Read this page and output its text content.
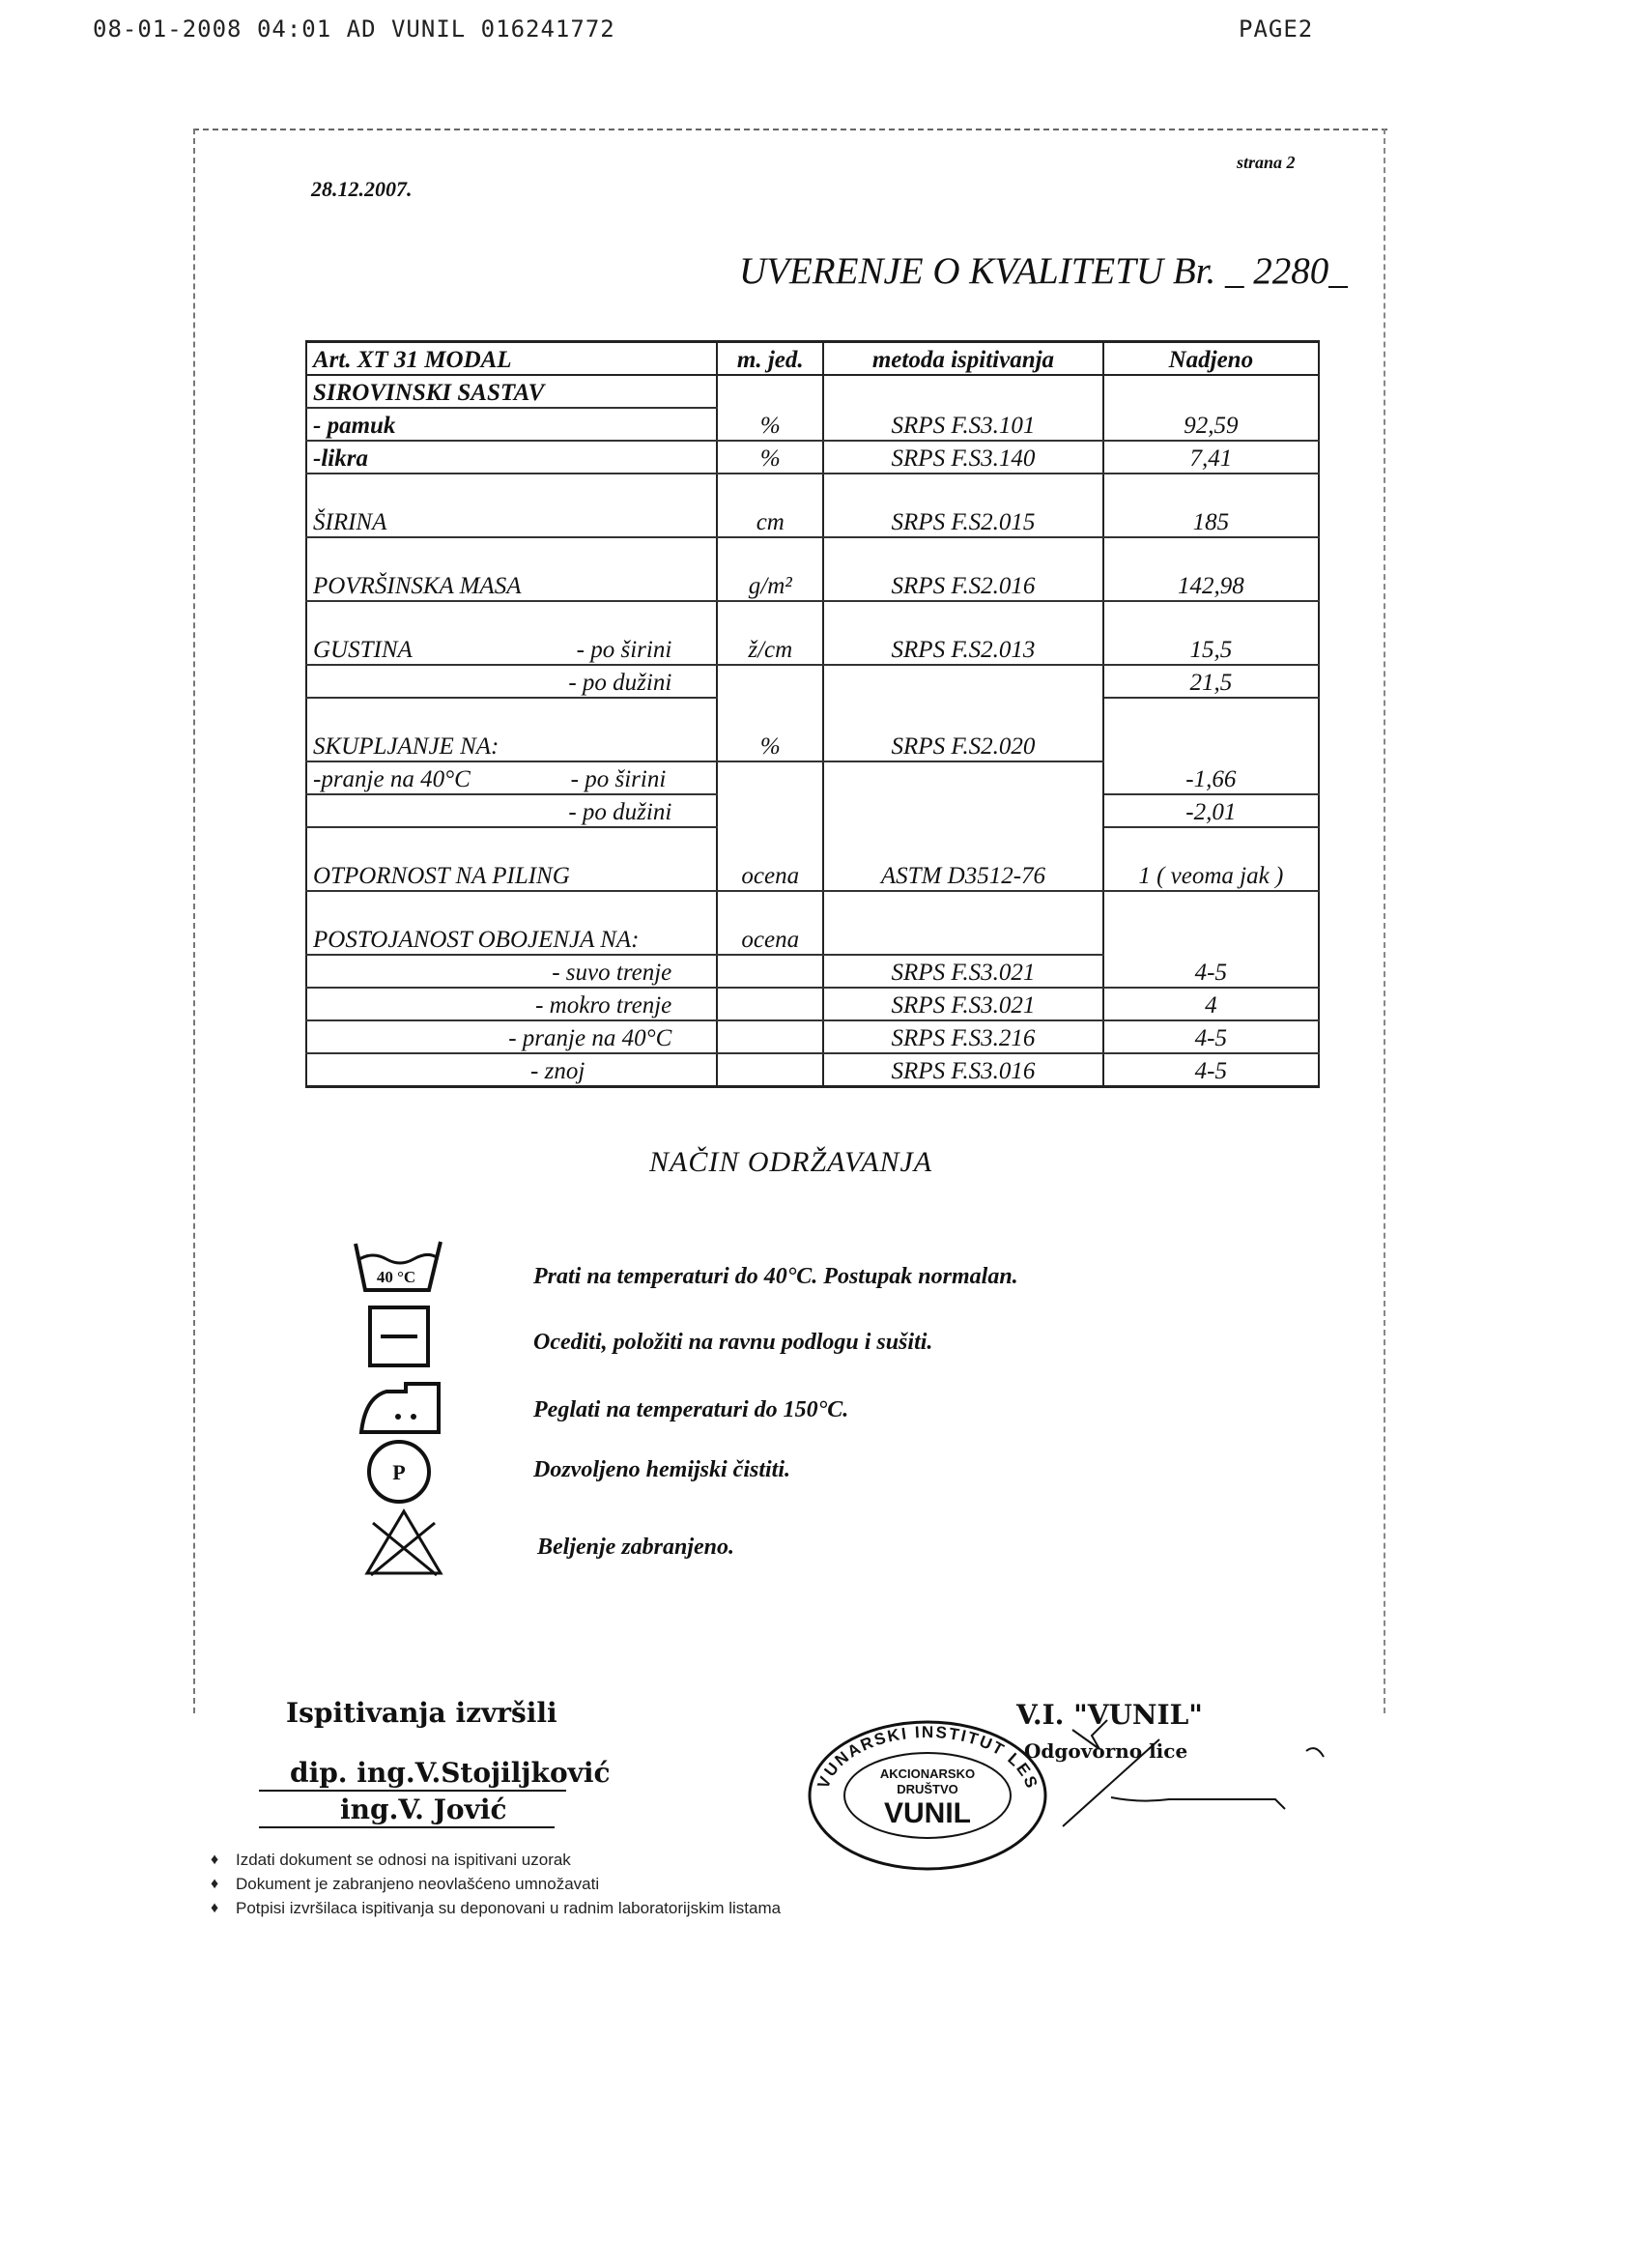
08-01-2008 04:01 AD VUNIL 016241772	PAGE2
28.12.2007.
strana 2
UVERENJE O KVALITETU Br. _ 2280_
Art. XT 31 MODAL	m. jed.	metoda ispitivanja	Nadjeno
SIROVINSKI SASTAV			
- pamuk	%	SRPS F.S3.101	92,59
-likra	%	SRPS F.S3.140	7,41

ŠIRINA	cm	SRPS F.S2.015	185

POVRŠINSKA MASA	g/m²	SRPS F.S2.016	142,98

GUSTINA - po širini	ž/cm	SRPS F.S2.013	15,5
- po dužini			21,5

SKUPLJANJE NA:	%	SRPS F.S2.020	

-pranje na 40°C - po širini			-1,66
- po dužini			-2,01

OTPORNOST NA PILING	ocena	ASTM D3512-76	1 ( veoma jak )

POSTOJANOST OBOJENJA NA:	ocena		
- suvo trenje		SRPS F.S3.021	4-5
- mokro trenje		SRPS F.S3.021	4
- pranje na 40°C		SRPS F.S3.216	4-5
- znoj		SRPS F.S3.016	4-5
NAČIN ODRŽAVANJA
40 °C	Prati na temperaturi do 40°C. Postupak normalan.
Ocediti, položiti na ravnu podlogu i sušiti.
Peglati na temperaturi do 150°C.
P	Dozvoljeno hemijski čistiti.
Beljenje zabranjeno.
Ispitivanja izvršili
dip. ing.V.Stojiljković
ing.V. Jović
V.I. "VUNIL"
Odgovorno lice
VUNARSKI INSTITUT LES
AKCIONARSKO
DRUŠTVO
VUNIL
♦	Izdati dokument se odnosi na ispitivani uzorak
♦	Dokument je zabranjeno neovlašćeno umnožavati
♦	Potpisi izvršilaca ispitivanja su deponovani u radnim laboratorijskim listama
